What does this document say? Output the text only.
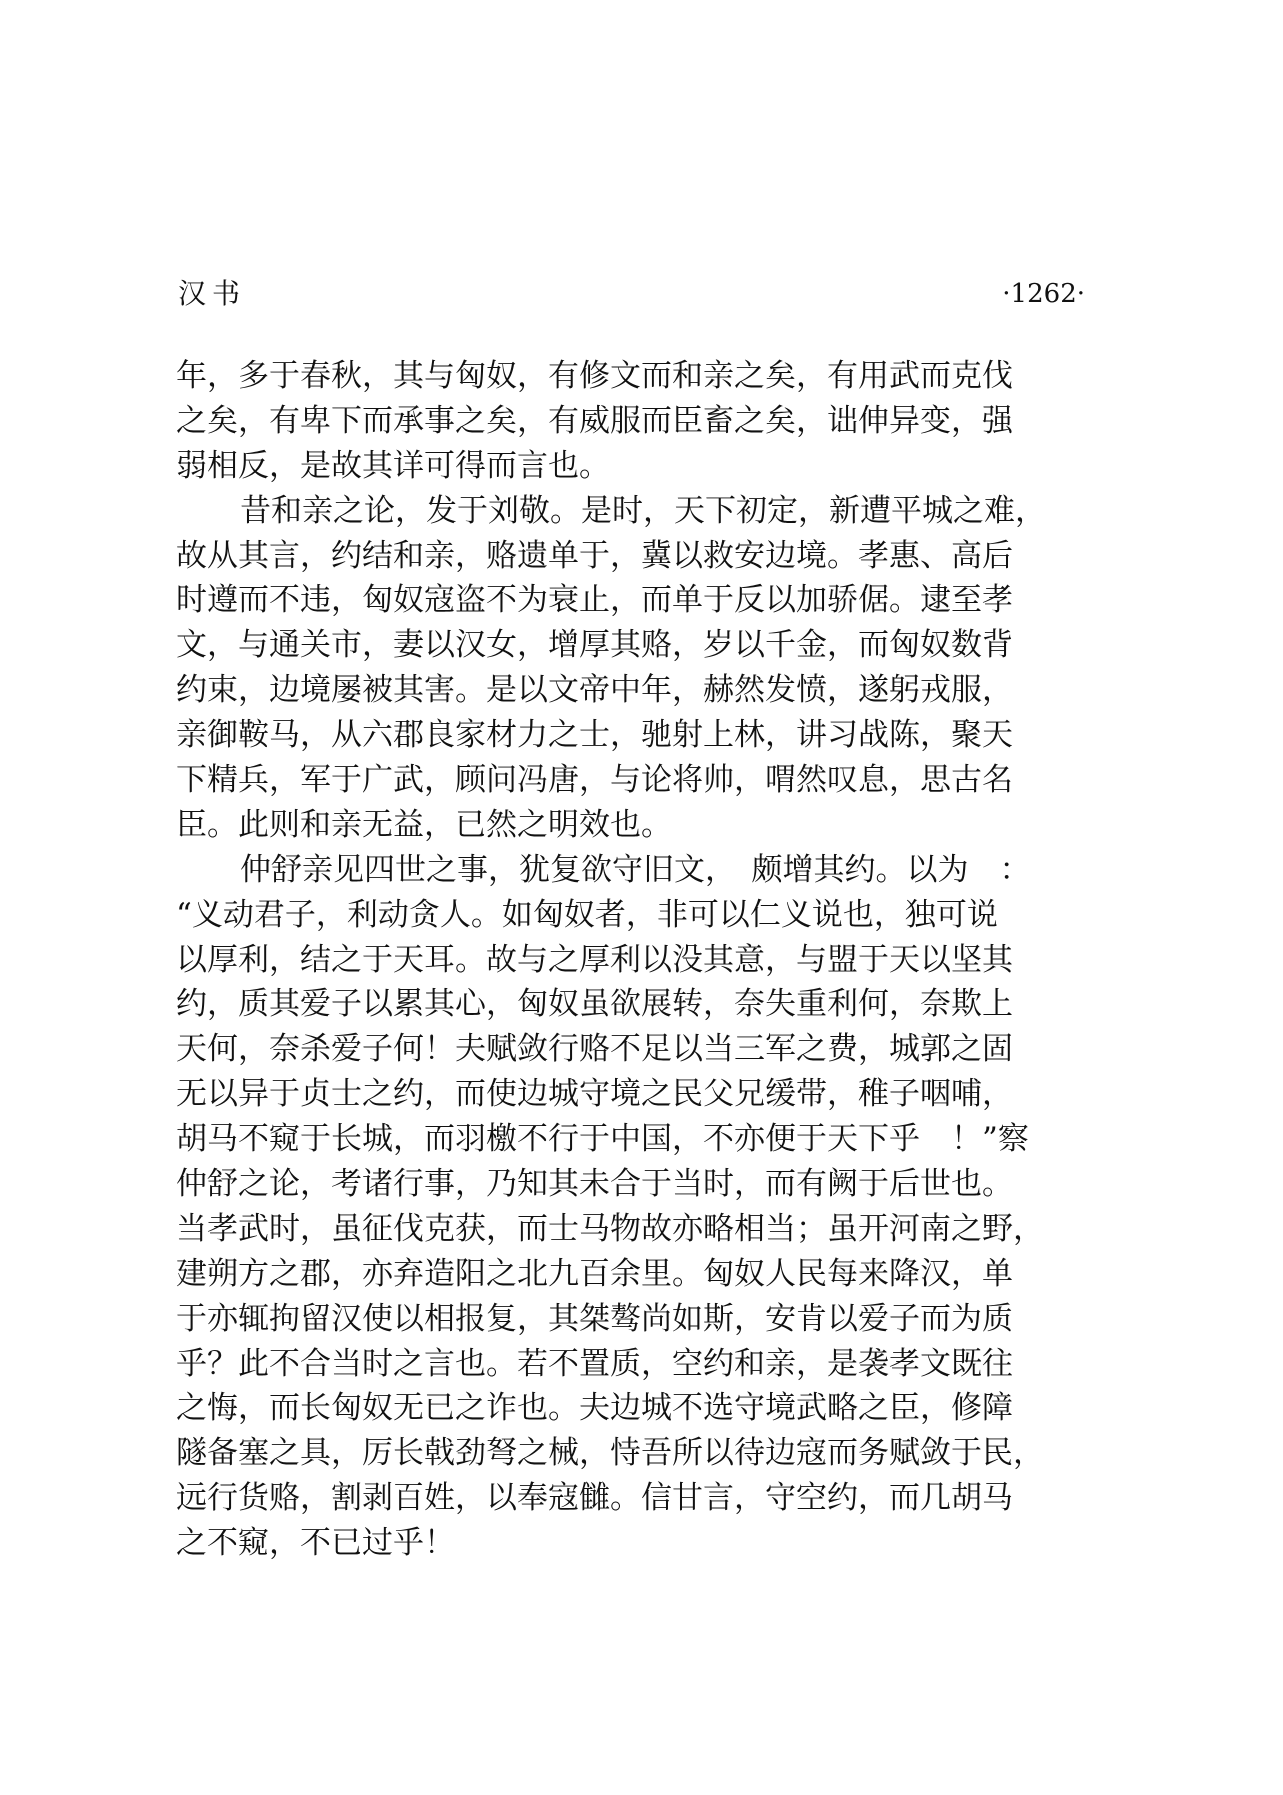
汉书	·1262·
年，多于春秋，其与匈奴，有修文而和亲之矣，有用武而克伐
之矣，有卑下而承事之矣，有威服而臣畜之矣，诎伸异变，强
弱相反，是故其详可得而言也。
昔和亲之论，发于刘敬。是时，天下初定，新遭平城之难，
故从其言，约结和亲，赂遗单于，冀以救安边境。孝惠、高后
时遵而不违，匈奴寇盗不为衰止，而单于反以加骄倨。逮至孝
文，与通关市，妻以汉女，增厚其赂，岁以千金，而匈奴数背
约束，边境屡被其害。是以文帝中年，赫然发愤，遂躬戎服，
亲御鞍马，从六郡良家材力之士，驰射上林，讲习战陈，聚天
下精兵，军于广武，顾问冯唐，与论将帅，喟然叹息，思古名
臣。此则和亲无益，已然之明效也。
仲舒亲见四世之事，犹复欲守旧文，　颇增其约。以为　：
“义动君子，利动贪人。如匈奴者，非可以仁义说也，独可说
以厚利，结之于天耳。故与之厚利以没其意，与盟于天以坚其
约，质其爱子以累其心，匈奴虽欲展转，奈失重利何，奈欺上
天何，奈杀爱子何！夫赋敛行赂不足以当三军之费，城郭之固
无以异于贞士之约，而使边城守境之民父兄缓带，稚子咽哺，
胡马不窥于长城，而羽檄不行于中国，不亦便于天下乎　！”察
仲舒之论，考诸行事，乃知其未合于当时，而有阙于后世也。
当孝武时，虽征伐克获，而士马物故亦略相当；虽开河南之野，
建朔方之郡，亦弃造阳之北九百余里。匈奴人民每来降汉，单
于亦辄拘留汉使以相报复，其桀骜尚如斯，安肯以爱子而为质
乎？此不合当时之言也。若不置质，空约和亲，是袭孝文既往
之悔，而长匈奴无已之诈也。夫边城不选守境武略之臣，修障
隧备塞之具，厉长戟劲弩之械，恃吾所以待边寇而务赋敛于民，
远行货赂，割剥百姓，以奉寇雠。信甘言，守空约，而几胡马
之不窥，不已过乎！
